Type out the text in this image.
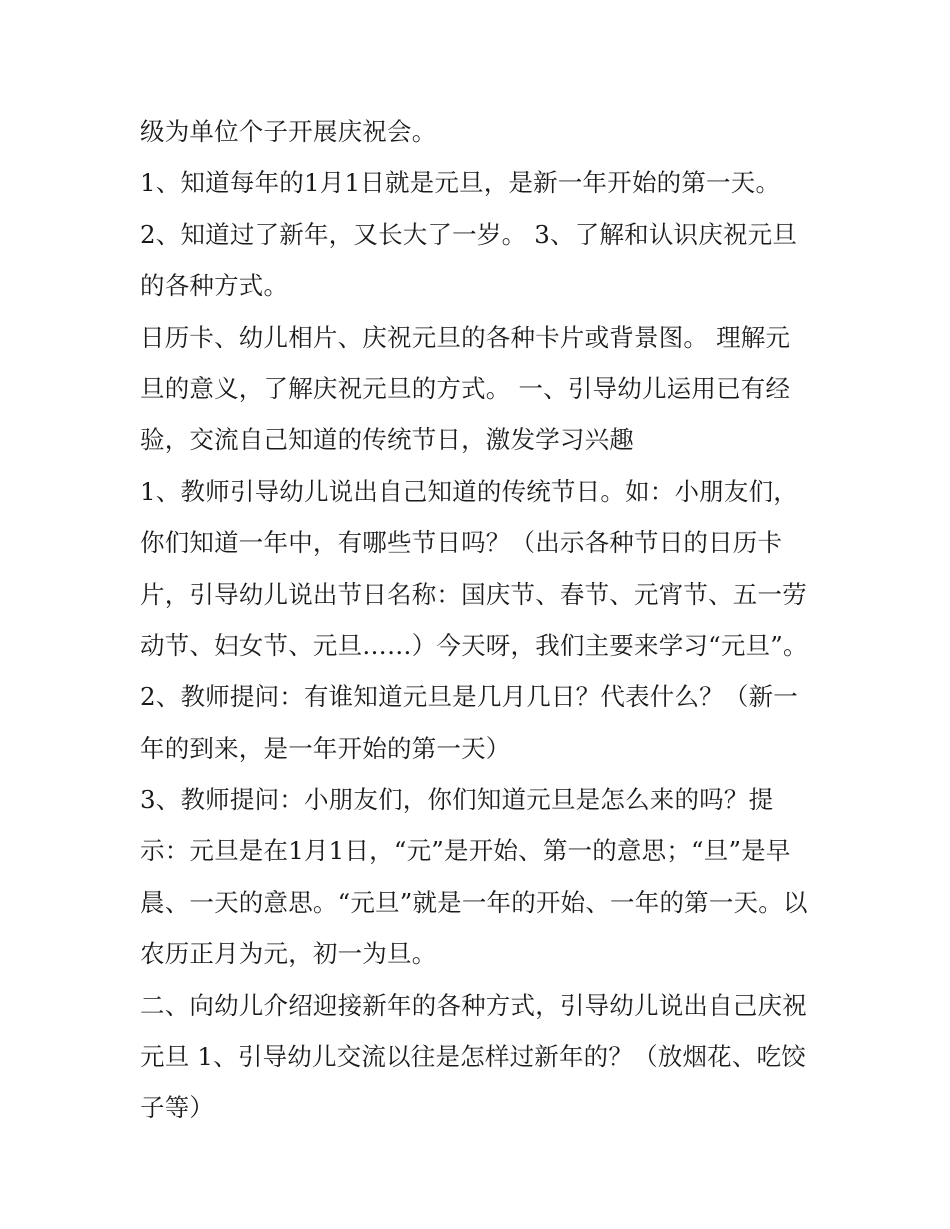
级为单位个子开展庆祝会。
1、知道每年的1月1日就是元旦，是新一年开始的第一天。
2、知道过了新年，又长大了一岁。 3、了解和认识庆祝元旦
的各种方式。
日历卡、幼儿相片、庆祝元旦的各种卡片或背景图。 理解元
旦的意义，了解庆祝元旦的方式。 一、引导幼儿运用已有经
验，交流自己知道的传统节日，激发学习兴趣
1、教师引导幼儿说出自己知道的传统节日。如：小朋友们，
你们知道一年中，有哪些节日吗？（出示各种节日的日历卡
片，引导幼儿说出节日名称：国庆节、春节、元宵节、五一劳
动节、妇女节、元旦……）今天呀，我们主要来学习“元旦”。
2、教师提问：有谁知道元旦是几月几日？代表什么？（新一
年的到来，是一年开始的第一天）
3、教师提问：小朋友们，你们知道元旦是怎么来的吗？提
示：元旦是在1月1日，“元”是开始、第一的意思；“旦”是早
晨、一天的意思。“元旦”就是一年的开始、一年的第一天。以
农历正月为元，初一为旦。
二、向幼儿介绍迎接新年的各种方式，引导幼儿说出自己庆祝
元旦 1、引导幼儿交流以往是怎样过新年的？（放烟花、吃饺
子等）
